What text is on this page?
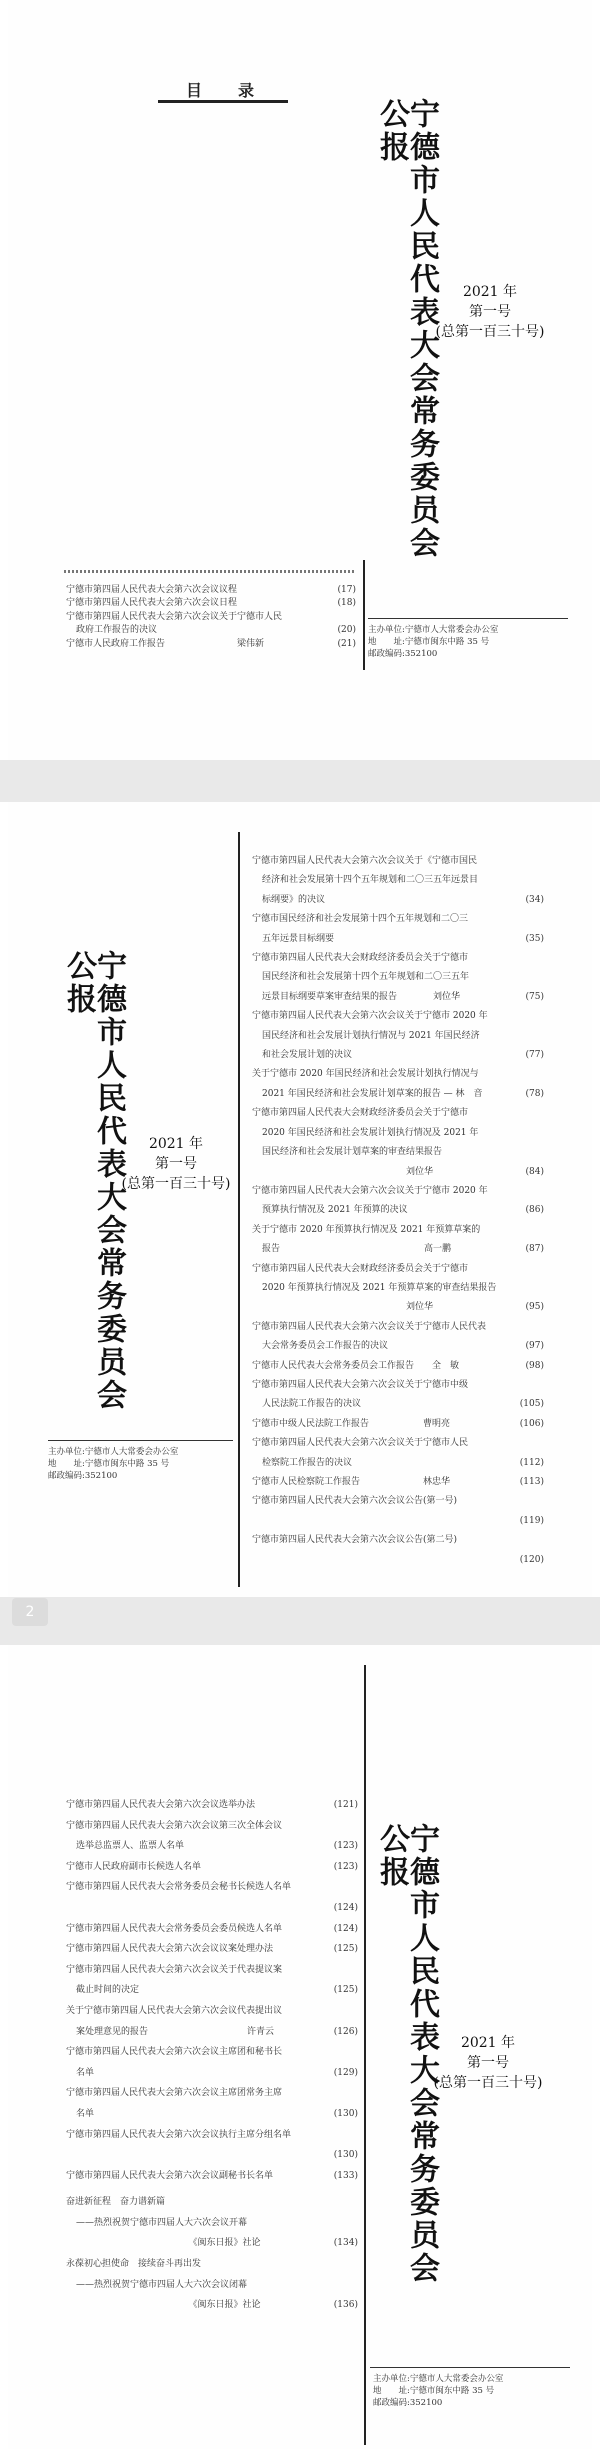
目　录
宁德市人民代表大会常务委员会公报
2021 年
第一号
(总第一百三十号)
(17)
宁德市第四届人民代表大会第六次会议议程
(18)
宁德市第四届人民代表大会第六次会议日程
宁德市第四届人民代表大会第六次会议关于宁德市人民
(20)
政府工作报告的决议
(21)
宁德市人民政府工作报告　　　　　　　　梁伟新
主办单位:宁德市人大常委会办公室
地　　址:宁德市闽东中路 35 号
邮政编码:352100
宁德市人民代表大会常务委员会公报
2021 年
第一号
(总第一百三十号)
主办单位:宁德市人大常委会办公室
地　　址:宁德市闽东中路 35 号
邮政编码:352100
宁德市第四届人民代表大会第六次会议关于《宁德市国民
经济和社会发展第十四个五年规划和二〇三五年远景目
(34)
标纲要》的决议
宁德市国民经济和社会发展第十四个五年规划和二〇三
(35)
五年远景目标纲要
宁德市第四届人民代表大会财政经济委员会关于宁德市
国民经济和社会发展第十四个五年规划和二〇三五年
(75)
远景目标纲要草案审查结果的报告　　　　刘位华
宁德市第四届人民代表大会第六次会议关于宁德市 2020 年
国民经济和社会发展计划执行情况与 2021 年国民经济
(77)
和社会发展计划的决议
关于宁德市 2020 年国民经济和社会发展计划执行情况与
(78)
2021 年国民经济和社会发展计划草案的报告 — 林　音
宁德市第四届人民代表大会财政经济委员会关于宁德市
2020 年国民经济和社会发展计划执行情况及 2021 年
国民经济和社会发展计划草案的审查结果报告
(84)
　　　　　　　　　　　　　　　　刘位华
宁德市第四届人民代表大会第六次会议关于宁德市 2020 年
(86)
预算执行情况及 2021 年预算的决议
关于宁德市 2020 年预算执行情况及 2021 年预算草案的
(87)
报告　　　　　　　　　　　　　　　　高一鹏
宁德市第四届人民代表大会财政经济委员会关于宁德市
2020 年预算执行情况及 2021 年预算草案的审查结果报告
(95)
　　　　　　　　　　　　　　　　刘位华
宁德市第四届人民代表大会第六次会议关于宁德市人民代表
(97)
大会常务委员会工作报告的决议
(98)
宁德市人民代表大会常务委员会工作报告　　全　敏
宁德市第四届人民代表大会第六次会议关于宁德市中级
(105)
人民法院工作报告的决议
(106)
宁德市中级人民法院工作报告　　　　　　曹明亮
宁德市第四届人民代表大会第六次会议关于宁德市人民
(112)
检察院工作报告的决议
(113)
宁德市人民检察院工作报告　　　　　　　林忠华
宁德市第四届人民代表大会第六次会议公告(第一号)
(119)
宁德市第四届人民代表大会第六次会议公告(第二号)
(120)
2
(121)
宁德市第四届人民代表大会第六次会议选举办法
宁德市第四届人民代表大会第六次会议第三次全体会议
(123)
选举总监票人、监票人名单
(123)
宁德市人民政府副市长候选人名单
宁德市第四届人民代表大会常务委员会秘书长候选人名单
(124)
(124)
宁德市第四届人民代表大会常务委员会委员候选人名单
(125)
宁德市第四届人民代表大会第六次会议议案处理办法
宁德市第四届人民代表大会第六次会议关于代表提议案
(125)
截止时间的决定
关于宁德市第四届人民代表大会第六次会议代表提出议
(126)
案处理意见的报告　　　　　　　　　　　许青云
宁德市第四届人民代表大会第六次会议主席团和秘书长
(129)
名单
宁德市第四届人民代表大会第六次会议主席团常务主席
(130)
名单
宁德市第四届人民代表大会第六次会议执行主席分组名单
(130)
(133)
宁德市第四届人民代表大会第六次会议副秘书长名单
奋进新征程　奋力谱新篇
——热烈祝贺宁德市四届人大六次会议开幕
(134)
　　　　　　　　　　　　　《闽东日报》社论
永葆初心担使命　接续奋斗再出发
——热烈祝贺宁德市四届人大六次会议闭幕
(136)
　　　　　　　　　　　　　《闽东日报》社论
宁德市人民代表大会常务委员会公报
2021 年
第一号
(总第一百三十号)
主办单位:宁德市人大常委会办公室
地　　址:宁德市闽东中路 35 号
邮政编码:352100
